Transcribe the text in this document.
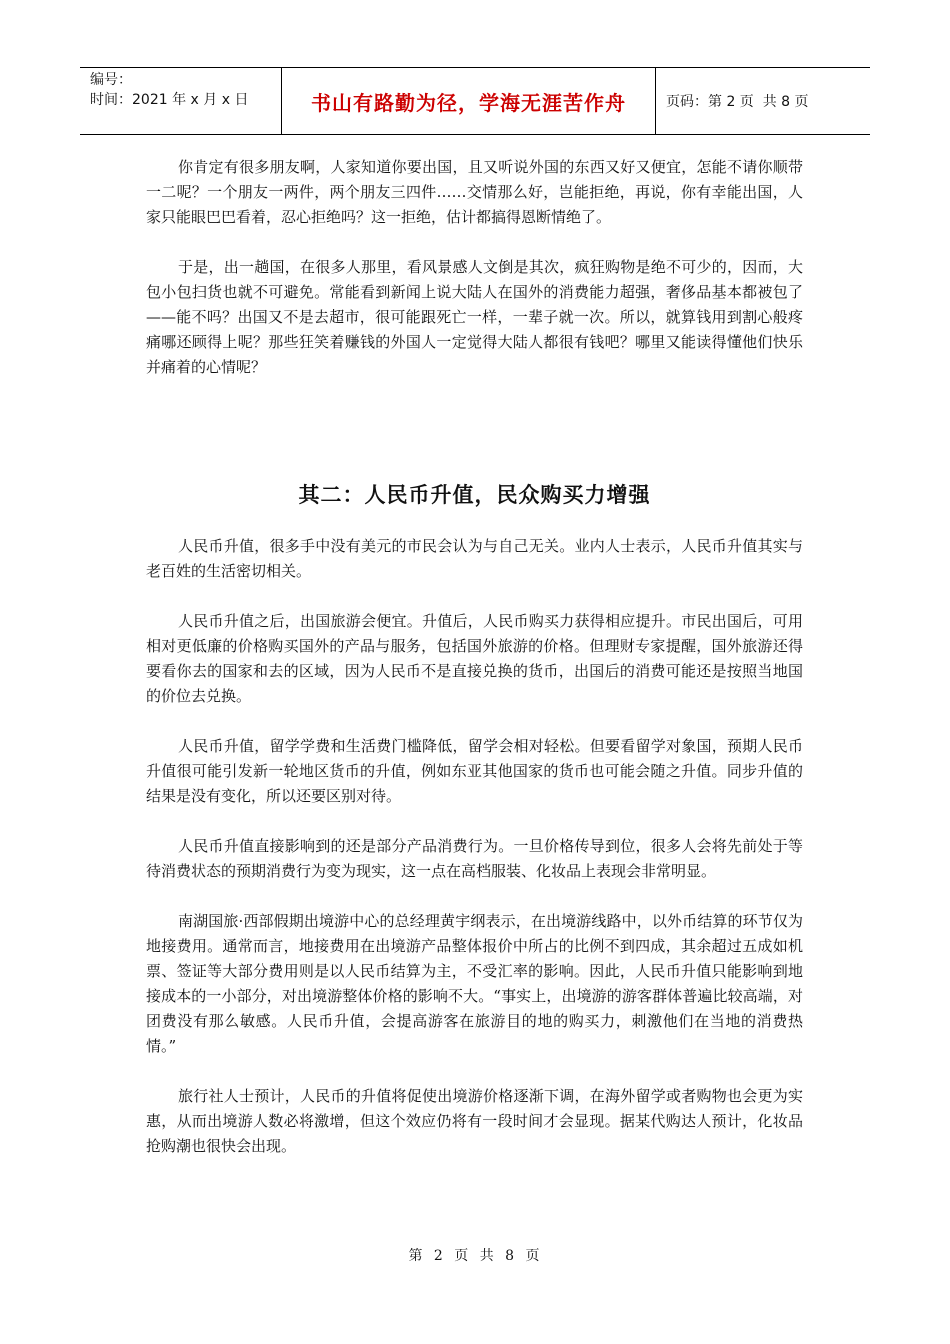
编号：
时间：2021 年 x 月 x 日	书山有路勤为径，学海无涯苦作舟	页码：第 2 页  共 8 页

你肯定有很多朋友啊，人家知道你要出国，且又听说外国的东西又好又便宜，怎能不请你顺带一二呢？一个朋友一两件，两个朋友三四件……交情那么好，岂能拒绝，再说，你有幸能出国，人家只能眼巴巴看着，忍心拒绝吗？这一拒绝，估计都搞得恩断情绝了。

于是，出一趟国，在很多人那里，看风景感人文倒是其次，疯狂购物是绝不可少的，因而，大包小包扫货也就不可避免。常能看到新闻上说大陆人在国外的消费能力超强，奢侈品基本都被包了——能不吗？出国又不是去超市，很可能跟死亡一样，一辈子就一次。所以，就算钱用到割心般疼痛哪还顾得上呢？那些狂笑着赚钱的外国人一定觉得大陆人都很有钱吧？哪里又能读得懂他们快乐并痛着的心情呢？

其二：人民币升值，民众购买力增强

人民币升值，很多手中没有美元的市民会认为与自己无关。业内人士表示，人民币升值其实与老百姓的生活密切相关。

人民币升值之后，出国旅游会便宜。升值后，人民币购买力获得相应提升。市民出国后，可用相对更低廉的价格购买国外的产品与服务，包括国外旅游的价格。但理财专家提醒，国外旅游还得要看你去的国家和去的区域，因为人民币不是直接兑换的货币，出国后的消费可能还是按照当地国的价位去兑换。

人民币升值，留学学费和生活费门槛降低，留学会相对轻松。但要看留学对象国，预期人民币升值很可能引发新一轮地区货币的升值，例如东亚其他国家的货币也可能会随之升值。同步升值的结果是没有变化，所以还要区别对待。

人民币升值直接影响到的还是部分产品消费行为。一旦价格传导到位，很多人会将先前处于等待消费状态的预期消费行为变为现实，这一点在高档服装、化妆品上表现会非常明显。

南湖国旅·西部假期出境游中心的总经理黄宇纲表示，在出境游线路中，以外币结算的环节仅为地接费用。通常而言，地接费用在出境游产品整体报价中所占的比例不到四成，其余超过五成如机票、签证等大部分费用则是以人民币结算为主，不受汇率的影响。因此，人民币升值只能影响到地接成本的一小部分，对出境游整体价格的影响不大。“事实上，出境游的游客群体普遍比较高端，对团费没有那么敏感。人民币升值，会提高游客在旅游目的地的购买力，刺激他们在当地的消费热情。”

旅行社人士预计，人民币的升值将促使出境游价格逐渐下调，在海外留学或者购物也会更为实惠，从而出境游人数必将激增，但这个效应仍将有一段时间才会显现。据某代购达人预计，化妆品抢购潮也很快会出现。

第 2 页 共 8 页
